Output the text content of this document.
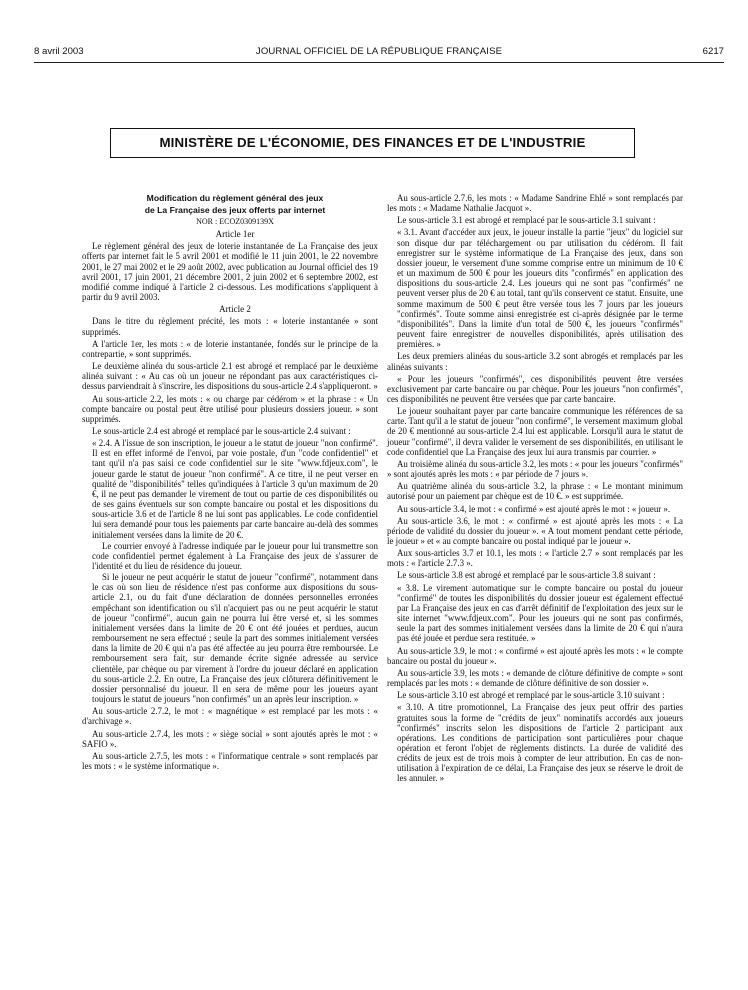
8 avril 2003	JOURNAL OFFICIEL DE LA RÉPUBLIQUE FRANÇAISE	6217
MINISTÈRE DE L'ÉCONOMIE, DES FINANCES ET DE L'INDUSTRIE

Modification du règlement général des jeux

de La Française des jeux offerts par internet

NOR : ECOZ0309139X

Article 1er

Le règlement général des jeux de loterie instantanée de La Française des jeux offerts par internet fait le 5 avril 2001 et modifié le 11 juin 2001, le 22 novembre 2001, le 27 mai 2002 et le 29 août 2002, avec publication au Journal officiel des 19 avril 2001, 17 juin 2001, 21 décembre 2001, 2 juin 2002 et 6 septembre 2002, est modifié comme indiqué à l'article 2 ci-dessous. Les modifications s'appliquent à partir du 9 avril 2003.

Article 2

Dans le titre du règlement précité, les mots : « loterie instantanée » sont supprimés.

A l'article 1er, les mots : « de loterie instantanée, fondés sur le principe de la contrepartie, » sont supprimés.

Le deuxième alinéa du sous-article 2.1 est abrogé et remplacé par le deuxième alinéa suivant : « Au cas où un joueur ne répondant pas aux caractéristiques ci-dessus parviendrait à s'inscrire, les dispositions du sous-article 2.4 s'appliqueront. »

Au sous-article 2.2, les mots : « ou charge par cédérom » et la phrase : « Un compte bancaire ou postal peut être utilisé pour plusieurs dossiers joueur. » sont supprimés.

Le sous-article 2.4 est abrogé et remplacé par le sous-article 2.4 suivant :

« 2.4. A l'issue de son inscription, le joueur a le statut de joueur "non confirmé". Il est en effet informé de l'envoi, par voie postale, d'un "code confidentiel" et tant qu'il n'a pas saisi ce code confidentiel sur le site "www.fdjeux.com", le joueur garde le statut de joueur "non confirmé". A ce titre, il ne peut verser en qualité de "disponibilités" telles qu'indiquées à l'article 3 qu'un maximum de 20 €, il ne peut pas demander le virement de tout ou partie de ces disponibilités ou de ses gains éventuels sur son compte bancaire ou postal et les dispositions du sous-article 3.6 et de l'article 8 ne lui sont pas applicables. Le code confidentiel lui sera demandé pour tous les paiements par carte bancaire au-delà des sommes initialement versées dans la limite de 20 €.

Le courrier envoyé à l'adresse indiquée par le joueur pour lui transmettre son code confidentiel permet également à La Française des jeux de s'assurer de l'identité et du lieu de résidence du joueur.

Si le joueur ne peut acquérir le statut de joueur "confirmé", notamment dans le cas où son lieu de résidence n'est pas conforme aux dispositions du sous-article 2.1, ou du fait d'une déclaration de données personnelles erronées empêchant son identification ou s'il n'acquiert pas ou ne peut acquérir le statut de joueur "confirmé", aucun gain ne pourra lui être versé et, si les sommes initialement versées dans la limite de 20 € ont été jouées et perdues, aucun remboursement ne sera effectué ; seule la part des sommes initialement versées dans la limite de 20 € qui n'a pas été affectée au jeu pourra être remboursée. Le remboursement sera fait, sur demande écrite signée adressée au service clientèle, par chèque ou par virement à l'ordre du joueur déclaré en application du sous-article 2.2. En outre, La Française des jeux clôturera définitivement le dossier personnalisé du joueur. Il en sera de même pour les joueurs ayant toujours le statut de joueurs "non confirmés" un an après leur inscription. »

Au sous-article 2.7.2, le mot : « magnétique » est remplacé par les mots : « d'archivage ».

Au sous-article 2.7.4, les mots : « siège social » sont ajoutés après le mot : « SAFIO ».

Au sous-article 2.7.5, les mots : « l'informatique centrale » sont remplacés par les mots : « le système informatique ».

Au sous-article 2.7.6, les mots : « Madame Sandrine Ehlé » sont remplacés par les mots : « Madame Nathalie Jacquot ».

Le sous-article 3.1 est abrogé et remplacé par le sous-article 3.1 suivant :

« 3.1. Avant d'accéder aux jeux, le joueur installe la partie "jeux" du logiciel sur son disque dur par téléchargement ou par utilisation du cédérom. Il fait enregistrer sur le système informatique de La Française des jeux, dans son dossier joueur, le versement d'une somme comprise entre un minimum de 10 € et un maximum de 500 € pour les joueurs dits "confirmés" en application des dispositions du sous-article 2.4. Les joueurs qui ne sont pas "confirmés" ne peuvent verser plus de 20 € au total, tant qu'ils conservent ce statut. Ensuite, une somme maximum de 500 € peut être versée tous les 7 jours par les joueurs "confirmés". Toute somme ainsi enregistrée est ci-après désignée par le terme "disponibilités". Dans la limite d'un total de 500 €, les joueurs "confirmés" peuvent faire enregistrer de nouvelles disponibilités, après utilisation des premières. »

Les deux premiers alinéas du sous-article 3.2 sont abrogés et remplacés par les alinéas suivants :

« Pour les joueurs "confirmés", ces disponibilités peuvent être versées exclusivement par carte bancaire ou par chèque. Pour les joueurs "non confirmés", ces disponibilités ne peuvent être versées que par carte bancaire.

Le joueur souhaitant payer par carte bancaire communique les références de sa carte. Tant qu'il a le statut de joueur "non confirmé", le versement maximum global de 20 € mentionné au sous-article 2.4 lui est applicable. Lorsqu'il aura le statut de joueur "confirmé", il devra valider le versement de ses disponibilités, en utilisant le code confidentiel que La Française des jeux lui aura transmis par courrier. »

Au troisième alinéa du sous-article 3.2, les mots : « pour les joueurs "confirmés" » sont ajoutés après les mots : « par période de 7 jours ».

Au quatrième alinéa du sous-article 3.2, la phrase : « Le montant minimum autorisé pour un paiement par chèque est de 10 €. » est supprimée.

Au sous-article 3.4, le mot : « confirmé » est ajouté après le mot : « joueur ».

Au sous-article 3.6, le mot : « confirmé » est ajouté après les mots : « La période de validité du dossier du joueur ». « A tout moment pendant cette période, le joueur » et « au compte bancaire ou postal indiqué par le joueur ».

Aux sous-articles 3.7 et 10.1, les mots : « l'article 2.7 » sont remplacés par les mots : « l'article 2.7.3 ».

Le sous-article 3.8 est abrogé et remplacé par le sous-article 3.8 suivant :

« 3.8. Le virement automatique sur le compte bancaire ou postal du joueur "confirmé" de toutes les disponibilités du dossier joueur est également effectué par La Française des jeux en cas d'arrêt définitif de l'exploitation des jeux sur le site internet "www.fdjeux.com". Pour les joueurs qui ne sont pas confirmés, seule la part des sommes initialement versées dans la limite de 20 € qui n'aura pas été jouée et perdue sera restituée. »

Au sous-article 3.9, le mot : « confirmé » est ajouté après les mots : « le compte bancaire ou postal du joueur ».

Au sous-article 3.9, les mots : « demande de clôture définitive de compte » sont remplacés par les mots : « demande de clôture définitive de son dossier ».

Le sous-article 3.10 est abrogé et remplacé par le sous-article 3.10 suivant :

« 3.10. A titre promotionnel, La Française des jeux peut offrir des parties gratuites sous la forme de "crédits de jeux" nominatifs accordés aux joueurs "confirmés" inscrits selon les dispositions de l'article 2 participant aux opérations. Les conditions de participation sont particulières pour chaque opération et feront l'objet de règlements distincts. La durée de validité des crédits de jeux est de trois mois à compter de leur attribution. En cas de non-utilisation à l'expiration de ce délai, La Française des jeux se réserve le droit de les annuler. »
